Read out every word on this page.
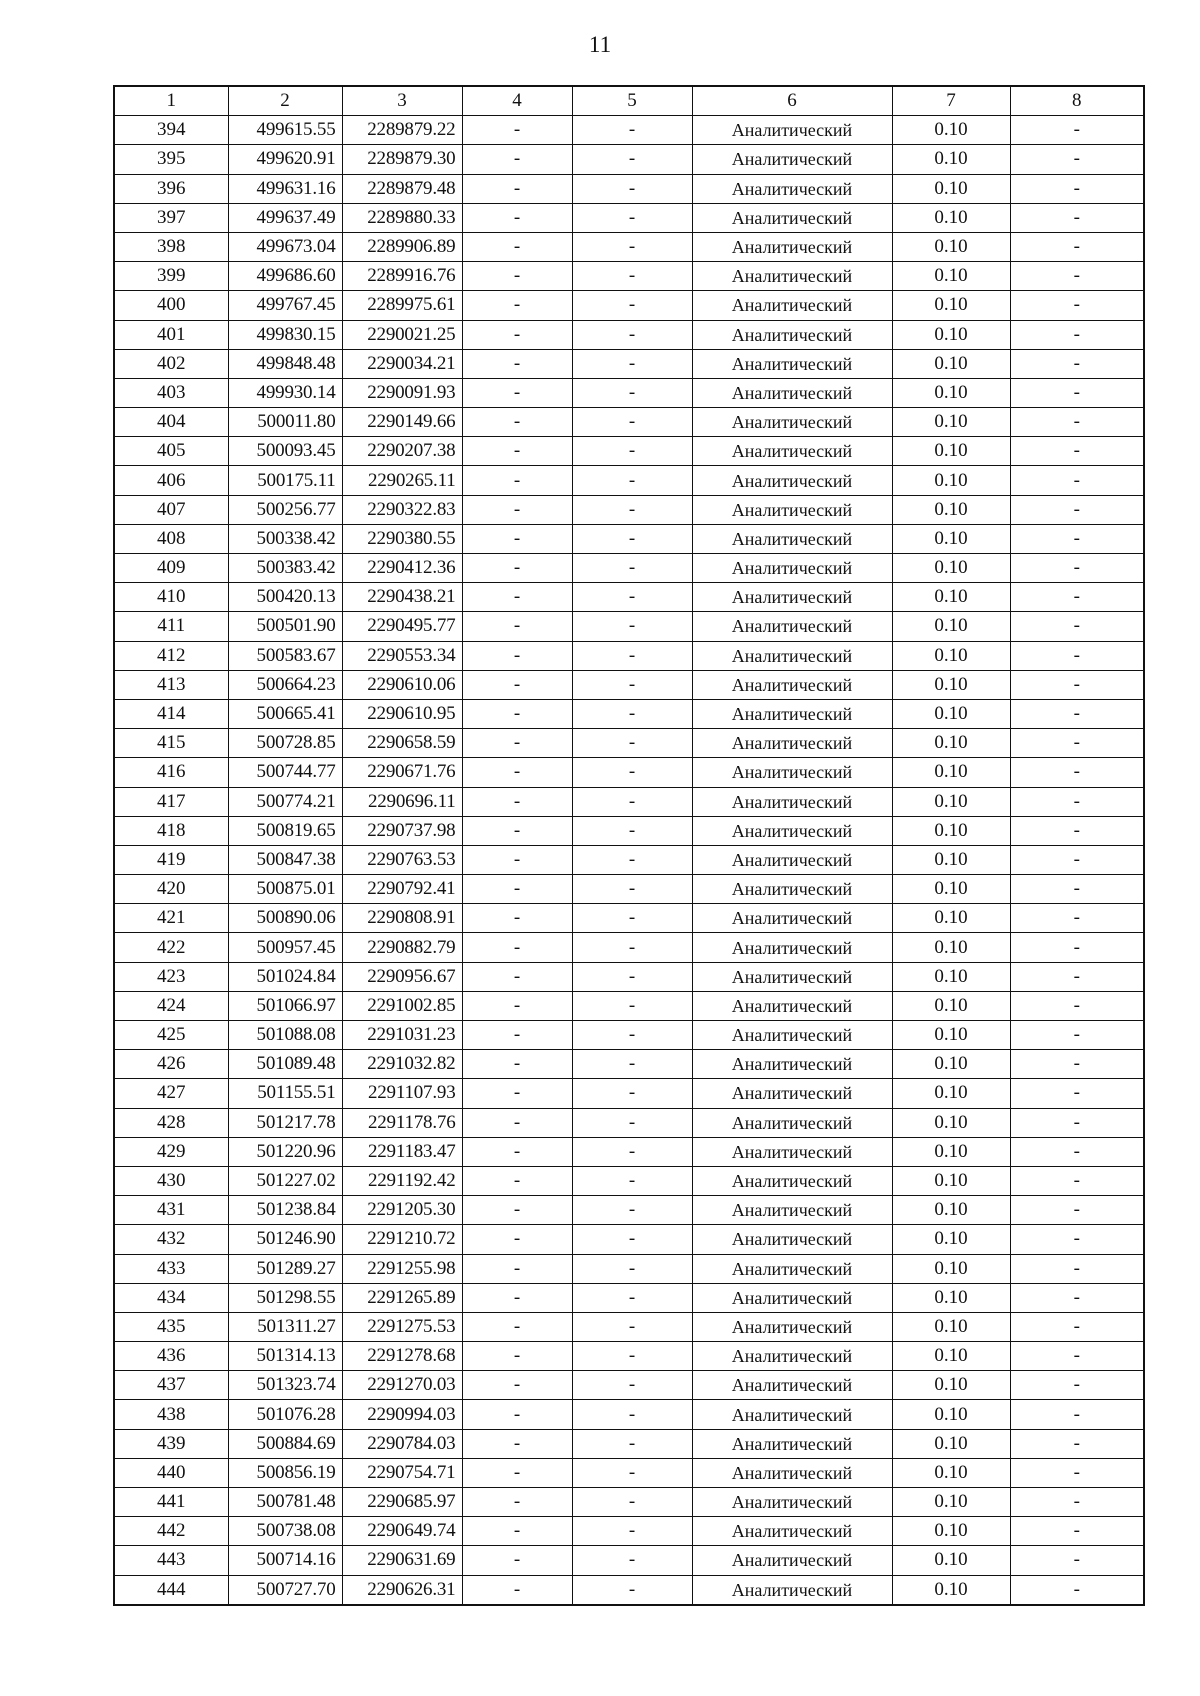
11
1	2	3	4	5	6	7	8
394	499615.55	2289879.22	-	-	Аналитический	0.10	-
395	499620.91	2289879.30	-	-	Аналитический	0.10	-
396	499631.16	2289879.48	-	-	Аналитический	0.10	-
397	499637.49	2289880.33	-	-	Аналитический	0.10	-
398	499673.04	2289906.89	-	-	Аналитический	0.10	-
399	499686.60	2289916.76	-	-	Аналитический	0.10	-
400	499767.45	2289975.61	-	-	Аналитический	0.10	-
401	499830.15	2290021.25	-	-	Аналитический	0.10	-
402	499848.48	2290034.21	-	-	Аналитический	0.10	-
403	499930.14	2290091.93	-	-	Аналитический	0.10	-
404	500011.80	2290149.66	-	-	Аналитический	0.10	-
405	500093.45	2290207.38	-	-	Аналитический	0.10	-
406	500175.11	2290265.11	-	-	Аналитический	0.10	-
407	500256.77	2290322.83	-	-	Аналитический	0.10	-
408	500338.42	2290380.55	-	-	Аналитический	0.10	-
409	500383.42	2290412.36	-	-	Аналитический	0.10	-
410	500420.13	2290438.21	-	-	Аналитический	0.10	-
411	500501.90	2290495.77	-	-	Аналитический	0.10	-
412	500583.67	2290553.34	-	-	Аналитический	0.10	-
413	500664.23	2290610.06	-	-	Аналитический	0.10	-
414	500665.41	2290610.95	-	-	Аналитический	0.10	-
415	500728.85	2290658.59	-	-	Аналитический	0.10	-
416	500744.77	2290671.76	-	-	Аналитический	0.10	-
417	500774.21	2290696.11	-	-	Аналитический	0.10	-
418	500819.65	2290737.98	-	-	Аналитический	0.10	-
419	500847.38	2290763.53	-	-	Аналитический	0.10	-
420	500875.01	2290792.41	-	-	Аналитический	0.10	-
421	500890.06	2290808.91	-	-	Аналитический	0.10	-
422	500957.45	2290882.79	-	-	Аналитический	0.10	-
423	501024.84	2290956.67	-	-	Аналитический	0.10	-
424	501066.97	2291002.85	-	-	Аналитический	0.10	-
425	501088.08	2291031.23	-	-	Аналитический	0.10	-
426	501089.48	2291032.82	-	-	Аналитический	0.10	-
427	501155.51	2291107.93	-	-	Аналитический	0.10	-
428	501217.78	2291178.76	-	-	Аналитический	0.10	-
429	501220.96	2291183.47	-	-	Аналитический	0.10	-
430	501227.02	2291192.42	-	-	Аналитический	0.10	-
431	501238.84	2291205.30	-	-	Аналитический	0.10	-
432	501246.90	2291210.72	-	-	Аналитический	0.10	-
433	501289.27	2291255.98	-	-	Аналитический	0.10	-
434	501298.55	2291265.89	-	-	Аналитический	0.10	-
435	501311.27	2291275.53	-	-	Аналитический	0.10	-
436	501314.13	2291278.68	-	-	Аналитический	0.10	-
437	501323.74	2291270.03	-	-	Аналитический	0.10	-
438	501076.28	2290994.03	-	-	Аналитический	0.10	-
439	500884.69	2290784.03	-	-	Аналитический	0.10	-
440	500856.19	2290754.71	-	-	Аналитический	0.10	-
441	500781.48	2290685.97	-	-	Аналитический	0.10	-
442	500738.08	2290649.74	-	-	Аналитический	0.10	-
443	500714.16	2290631.69	-	-	Аналитический	0.10	-
444	500727.70	2290626.31	-	-	Аналитический	0.10	-
